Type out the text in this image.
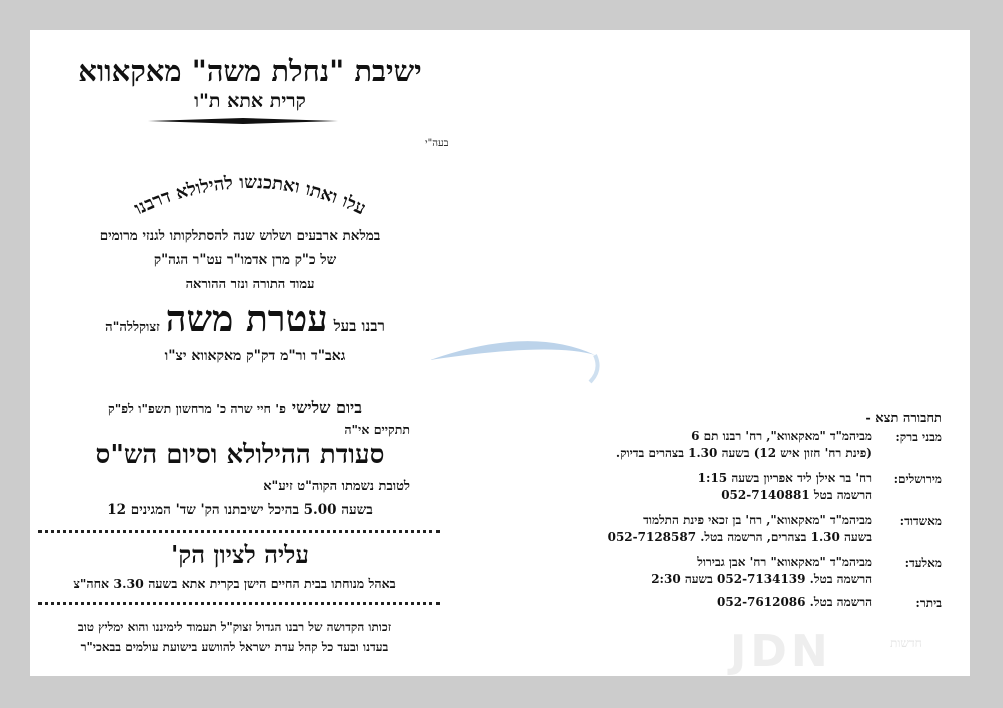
ישיבת "נחלת משה" מאקאווא
קרית אתא ת"ו
בעה"י
עלו ואתו ואתכנשו להילולא דרבנו
במלאת ארבעים ושלוש שנה להסתלקותו לגנזי מרומים
של כ"ק מרן אדמו"ר עט"ר הגה"ק
עמוד התורה ונזר ההוראה
רבנו בעל
עטרת משה
זצוקללה"ה
גאב"ד ור"מ דק"ק מאקאווא יצ"ו
ביום שלישי
פ' חיי שרה כ' מרחשון תשפ"ו לפ"ק
תתקיים אי"ה
סעודת ההילולא וסיום הש"ס
לטובת נשמתו הקוה"ט זיע"א
בשעה 5.00 בהיכל ישיבתנו הק' שד' המגינים 12
עליה לציון הק'
באהל מנוחתו בבית החיים הישן בקרית אתא בשעה 3.30 אחה"צ
זכותו הקדושה של רבנו הגדול זצוק"ל תעמוד לימיננו והוא ימליץ טוב
בעדנו ובעד כל קהל עדת ישראל להוושע בישועת עולמים בבאכי"ר
תחבורה תצא -
מבני ברק:
מביהמ"ד "מאקאווא", רח' רבנו תם 6
(פינת רח' חזון איש 12) בשעה 1.30 בצהרים בדיוק.
מירושלים:
רח' בר אילן ליד אפריון בשעה 1:15
הרשמה בטל 052-7140881
מאשדוד:
מביהמ"ד "מאקאווא", רח' בן זכאי פינת התלמוד
בשעה 1.30 בצהרים, הרשמה בטל. 052-7128587
מאלעד:
מביהמ"ד "מאקאווא" רח' אבן גבירול
הרשמה בטל. 052-7134139 בשעה 2:30
ביתר:
הרשמה בטל. 052-7612086
JDN	חדשות
